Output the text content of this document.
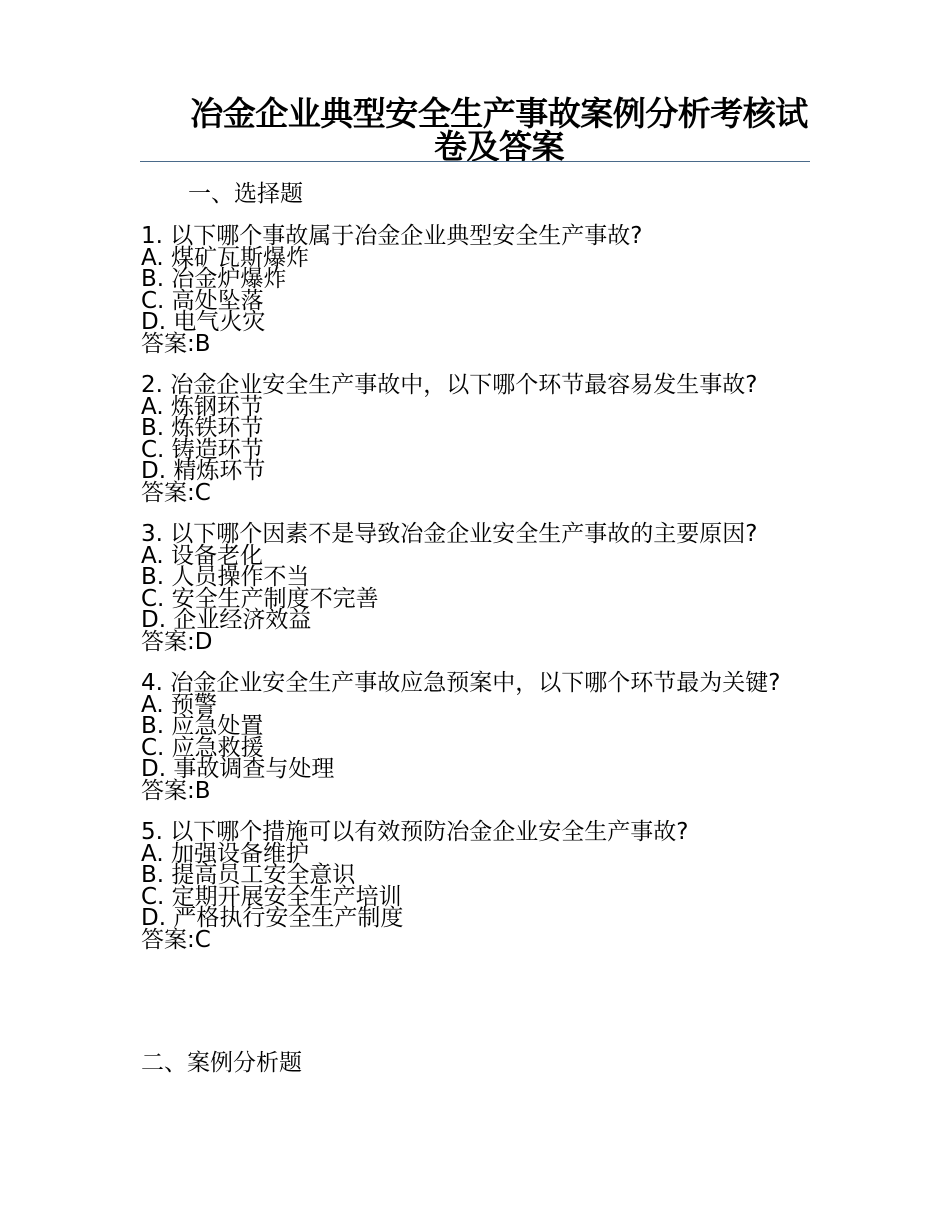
冶金企业典型安全生产事故案例分析考核试卷及答案
一、选择题
1. 以下哪个事故属于冶金企业典型安全生产事故?
A. 煤矿瓦斯爆炸
B. 冶金炉爆炸
C. 高处坠落
D. 电气火灾
答案:B
2. 冶金企业安全生产事故中，以下哪个环节最容易发生事故?
A. 炼钢环节
B. 炼铁环节
C. 铸造环节
D. 精炼环节
答案:C
3. 以下哪个因素不是导致冶金企业安全生产事故的主要原因?
A. 设备老化
B. 人员操作不当
C. 安全生产制度不完善
D. 企业经济效益
答案:D
4. 冶金企业安全生产事故应急预案中，以下哪个环节最为关键?
A. 预警
B. 应急处置
C. 应急救援
D. 事故调查与处理
答案:B
5. 以下哪个措施可以有效预防冶金企业安全生产事故?
A. 加强设备维护
B. 提高员工安全意识
C. 定期开展安全生产培训
D. 严格执行安全生产制度
答案:C
二、案例分析题
